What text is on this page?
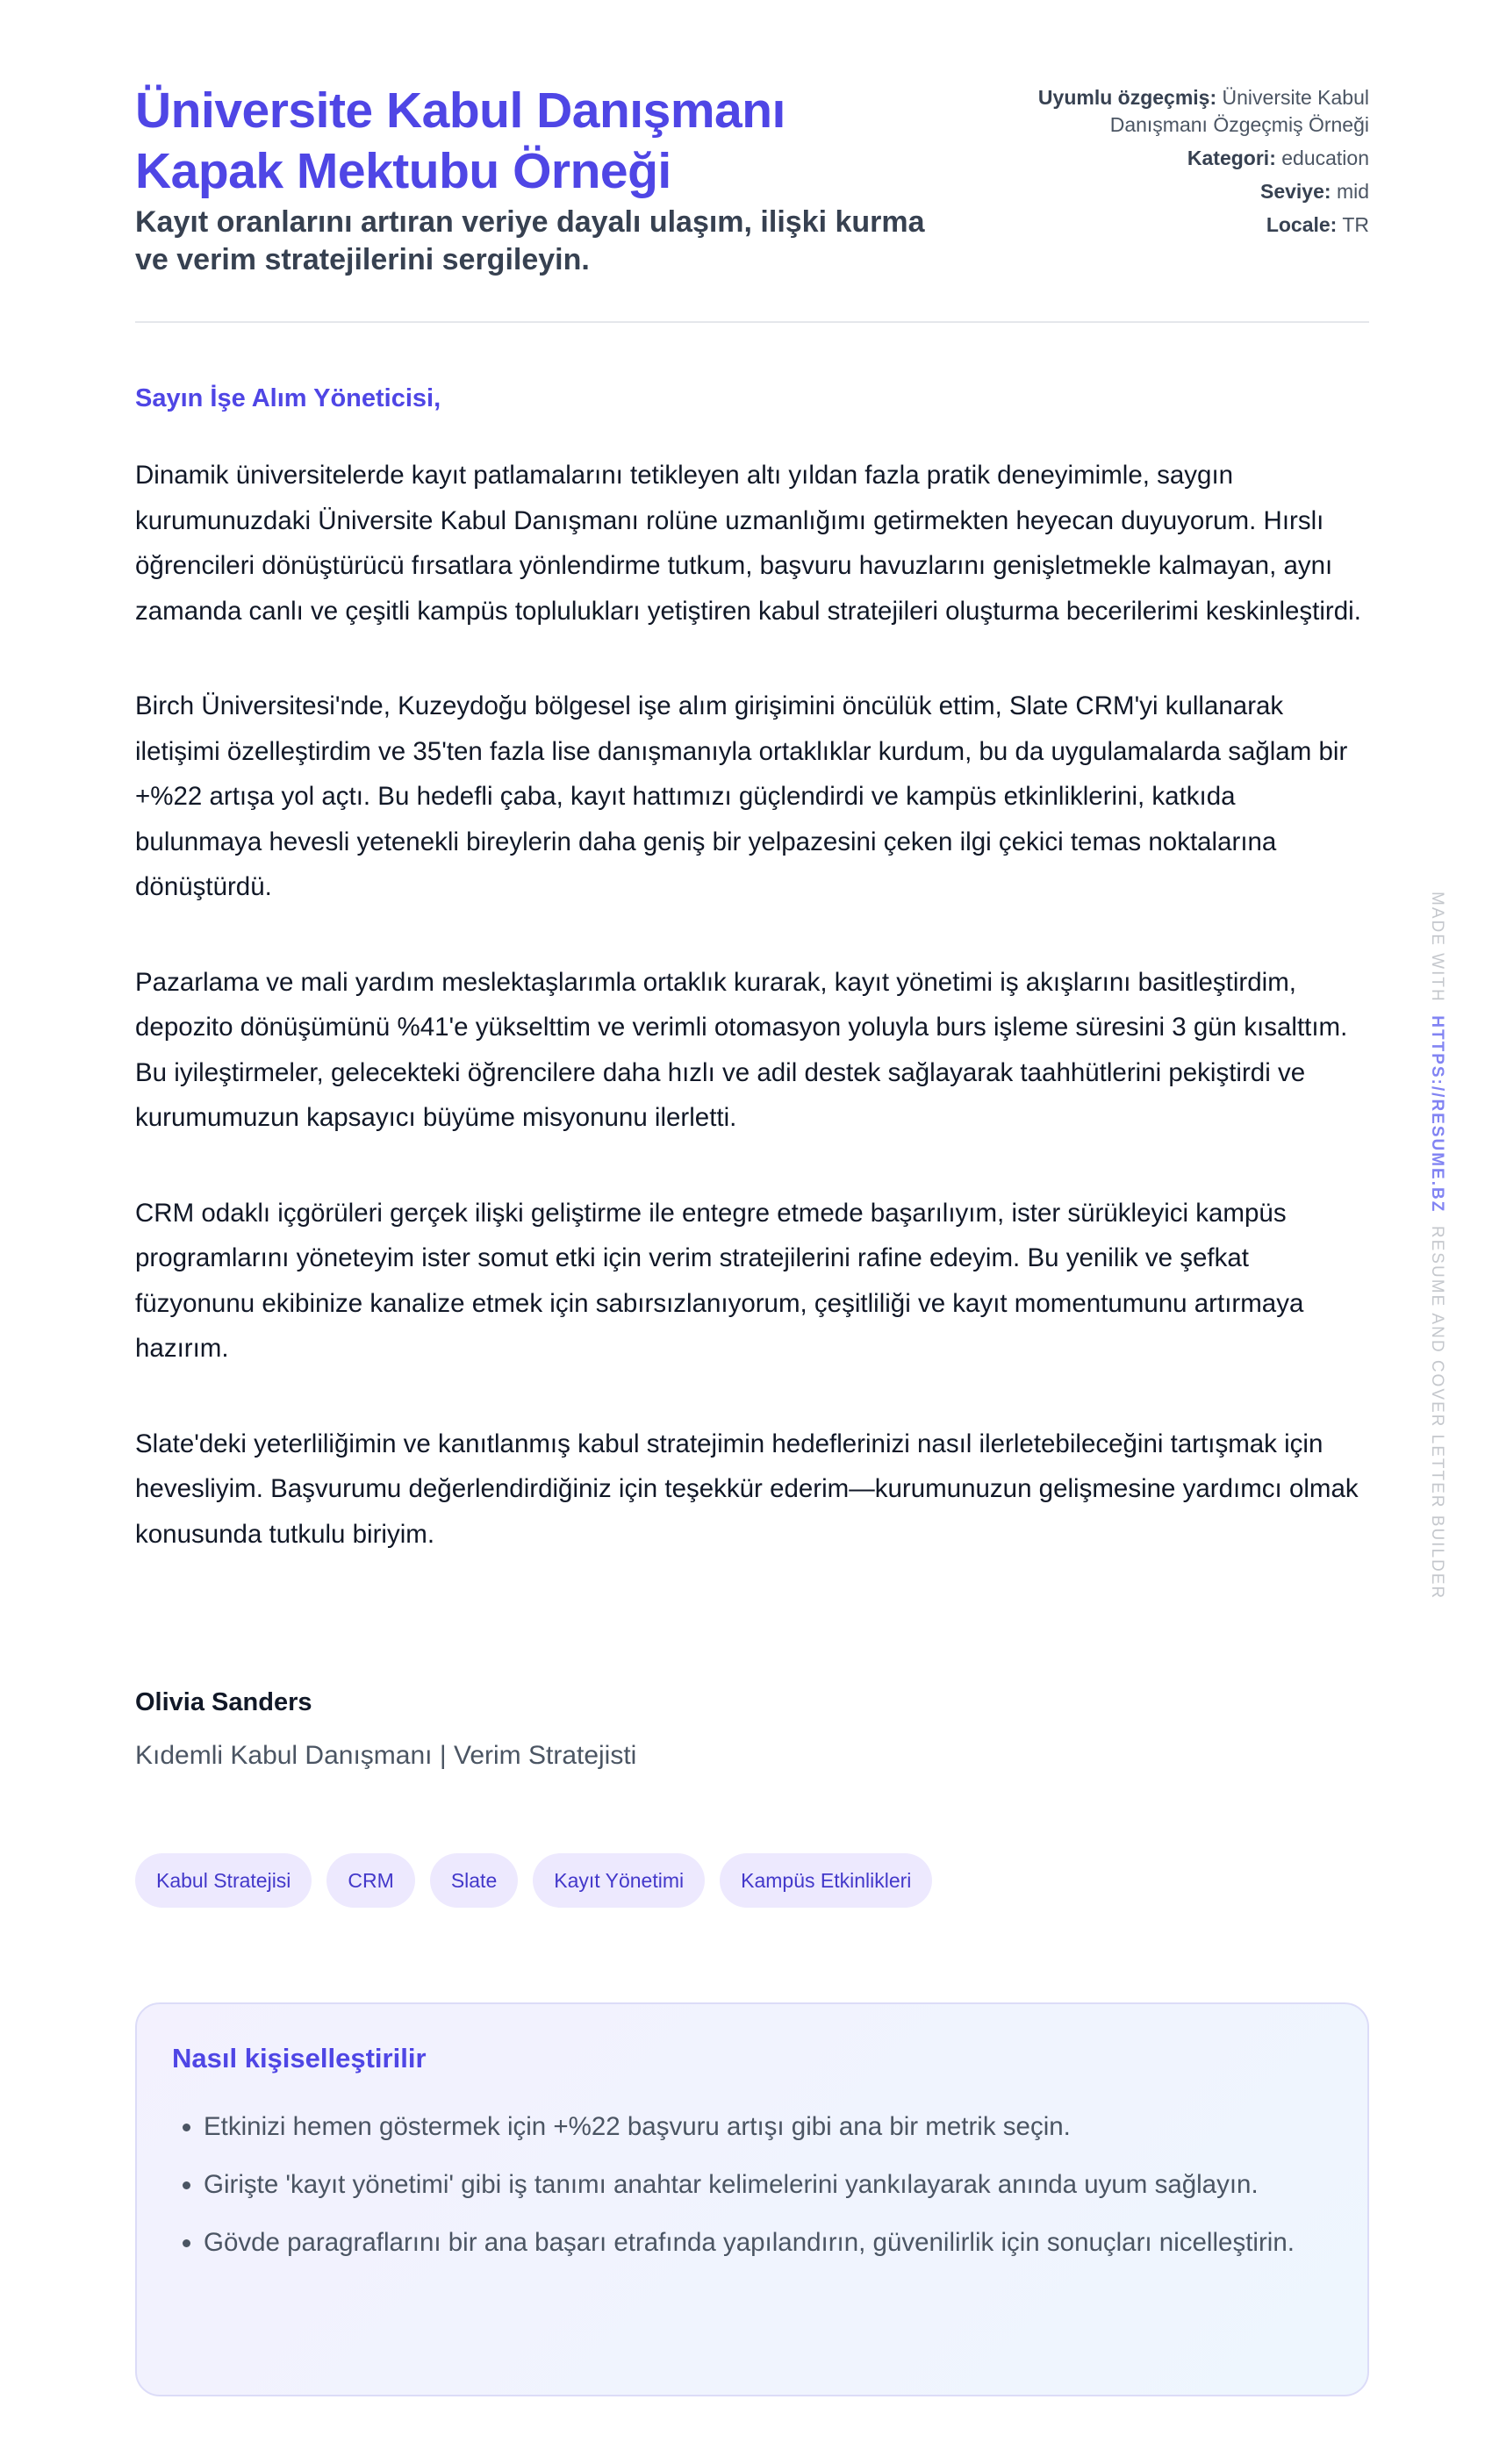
Üniversite Kabul Danışmanı Kapak Mektubu Örneği
Kayıt oranlarını artıran veriye dayalı ulaşım, ilişki kurma ve verim stratejilerini sergileyin.
Uyumlu özgeçmiş: Üniversite Kabul Danışmanı Özgeçmiş Örneği
Kategori: education
Seviye: mid
Locale: TR
Sayın İşe Alım Yöneticisi,

Dinamik üniversitelerde kayıt patlamalarını tetikleyen altı yıldan fazla pratik deneyimimle, saygın kurumunuzdaki Üniversite Kabul Danışmanı rolüne uzmanlığımı getirmekten heyecan duyuyorum. Hırslı öğrencileri dönüştürücü fırsatlara yönlendirme tutkum, başvuru havuzlarını genişletmekle kalmayan, aynı zamanda canlı ve çeşitli kampüs toplulukları yetiştiren kabul stratejileri oluşturma becerilerimi keskinleştirdi.

Birch Üniversitesi'nde, Kuzeydoğu bölgesel işe alım girişimini öncülük ettim, Slate CRM'yi kullanarak iletişimi özelleştirdim ve 35'ten fazla lise danışmanıyla ortaklıklar kurdum, bu da uygulamalarda sağlam bir +%22 artışa yol açtı. Bu hedefli çaba, kayıt hattımızı güçlendirdi ve kampüs etkinliklerini, katkıda bulunmaya hevesli yetenekli bireylerin daha geniş bir yelpazesini çeken ilgi çekici temas noktalarına dönüştürdü.

Pazarlama ve mali yardım meslektaşlarımla ortaklık kurarak, kayıt yönetimi iş akışlarını basitleştirdim, depozito dönüşümünü %41'e yükselttim ve verimli otomasyon yoluyla burs işleme süresini 3 gün kısalttım. Bu iyileştirmeler, gelecekteki öğrencilere daha hızlı ve adil destek sağlayarak taahhütlerini pekiştirdi ve kurumumuzun kapsayıcı büyüme misyonunu ilerletti.

CRM odaklı içgörüleri gerçek ilişki geliştirme ile entegre etmede başarılıyım, ister sürükleyici kampüs programlarını yöneteyim ister somut etki için verim stratejilerini rafine edeyim. Bu yenilik ve şefkat füzyonunu ekibinize kanalize etmek için sabırsızlanıyorum, çeşitliliği ve kayıt momentumunu artırmaya hazırım.

Slate'deki yeterliliğimin ve kanıtlanmış kabul stratejimin hedeflerinizi nasıl ilerletebileceğini tartışmak için hevesliyim. Başvurumu değerlendirdiğiniz için teşekkür ederim—kurumunuzun gelişmesine yardımcı olmak konusunda tutkulu biriyim.

Olivia Sanders
Kıdemli Kabul Danışmanı | Verim Stratejisti
Kabul Stratejisi	CRM	Slate	Kayıt Yönetimi	Kampüs Etkinlikleri
Nasıl kişiselleştirilir
• Etkinizi hemen göstermek için +%22 başvuru artışı gibi ana bir metrik seçin.
• Girişte 'kayıt yönetimi' gibi iş tanımı anahtar kelimelerini yankılayarak anında uyum sağlayın.
• Gövde paragraflarını bir ana başarı etrafında yapılandırın, güvenilirlik için sonuçları nicelleştirin.
MADE WITH  HTTPS://RESUME.BZ  RESUME AND COVER LETTER BUILDER
